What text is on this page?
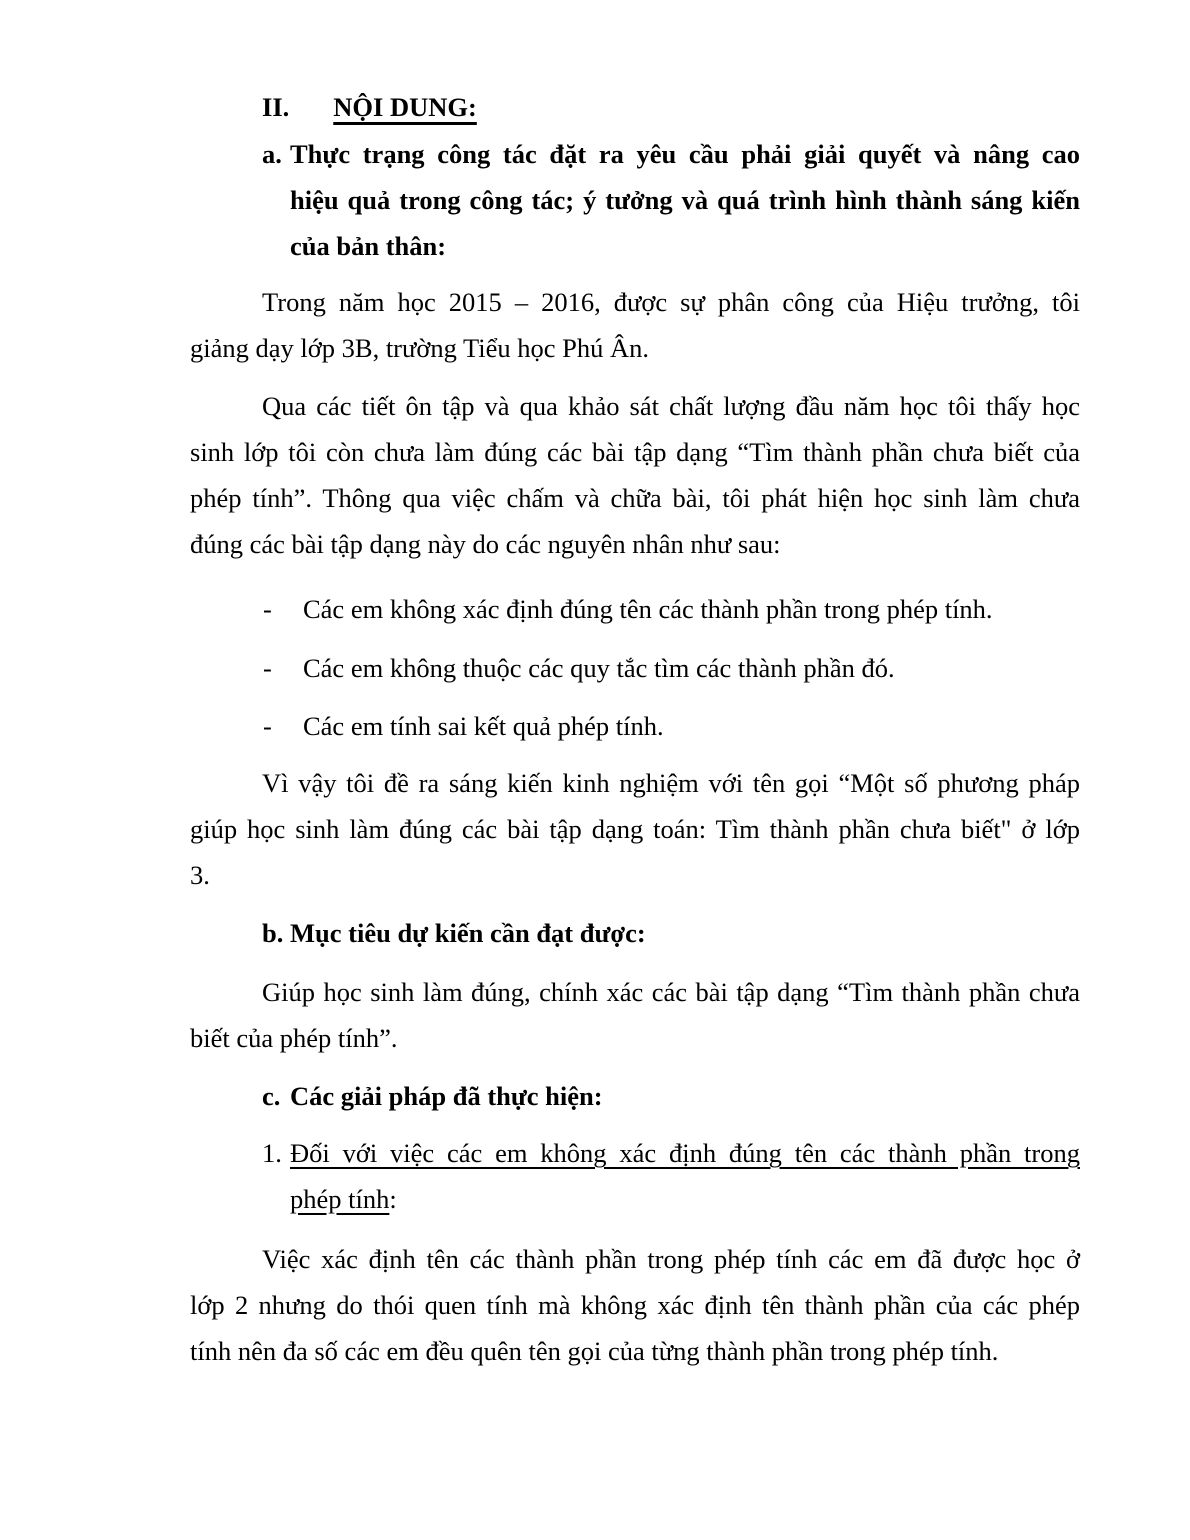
II. NỘI DUNG:
a. Thực trạng công tác đặt ra yêu cầu phải giải quyết và nâng cao
hiệu quả trong công tác; ý tưởng và quá trình hình thành sáng kiến
của bản thân:
Trong năm học 2015 – 2016, được sự phân công của Hiệu trưởng, tôi
giảng dạy lớp 3B, trường Tiểu học Phú Ân.
Qua các tiết ôn tập và qua khảo sát chất lượng đầu năm học tôi thấy học
sinh lớp tôi còn chưa làm đúng các bài tập dạng “Tìm thành phần chưa biết của
phép tính”. Thông qua việc chấm và chữa bài, tôi phát hiện học sinh làm chưa
đúng các bài tập dạng này do các nguyên nhân như sau:
- Các em không xác định đúng tên các thành phần trong phép tính.
- Các em không thuộc các quy tắc tìm các thành phần đó.
- Các em tính sai kết quả phép tính.
Vì vậy tôi đề ra sáng kiến kinh nghiệm với tên gọi “Một số phương pháp
giúp học sinh làm đúng các bài tập dạng toán: Tìm thành phần chưa biết" ở lớp
3.
b. Mục tiêu dự kiến cần đạt được:
Giúp học sinh làm đúng, chính xác các bài tập dạng “Tìm thành phần chưa
biết của phép tính”.
c. Các giải pháp đã thực hiện:
1. Đối với việc các em không xác định đúng tên các thành phần trong
phép tính:
Việc xác định tên các thành phần trong phép tính các em đã được học ở
lớp 2 nhưng do thói quen tính mà không xác định tên thành phần của các phép
tính nên đa số các em đều quên tên gọi của từng thành phần trong phép tính.
